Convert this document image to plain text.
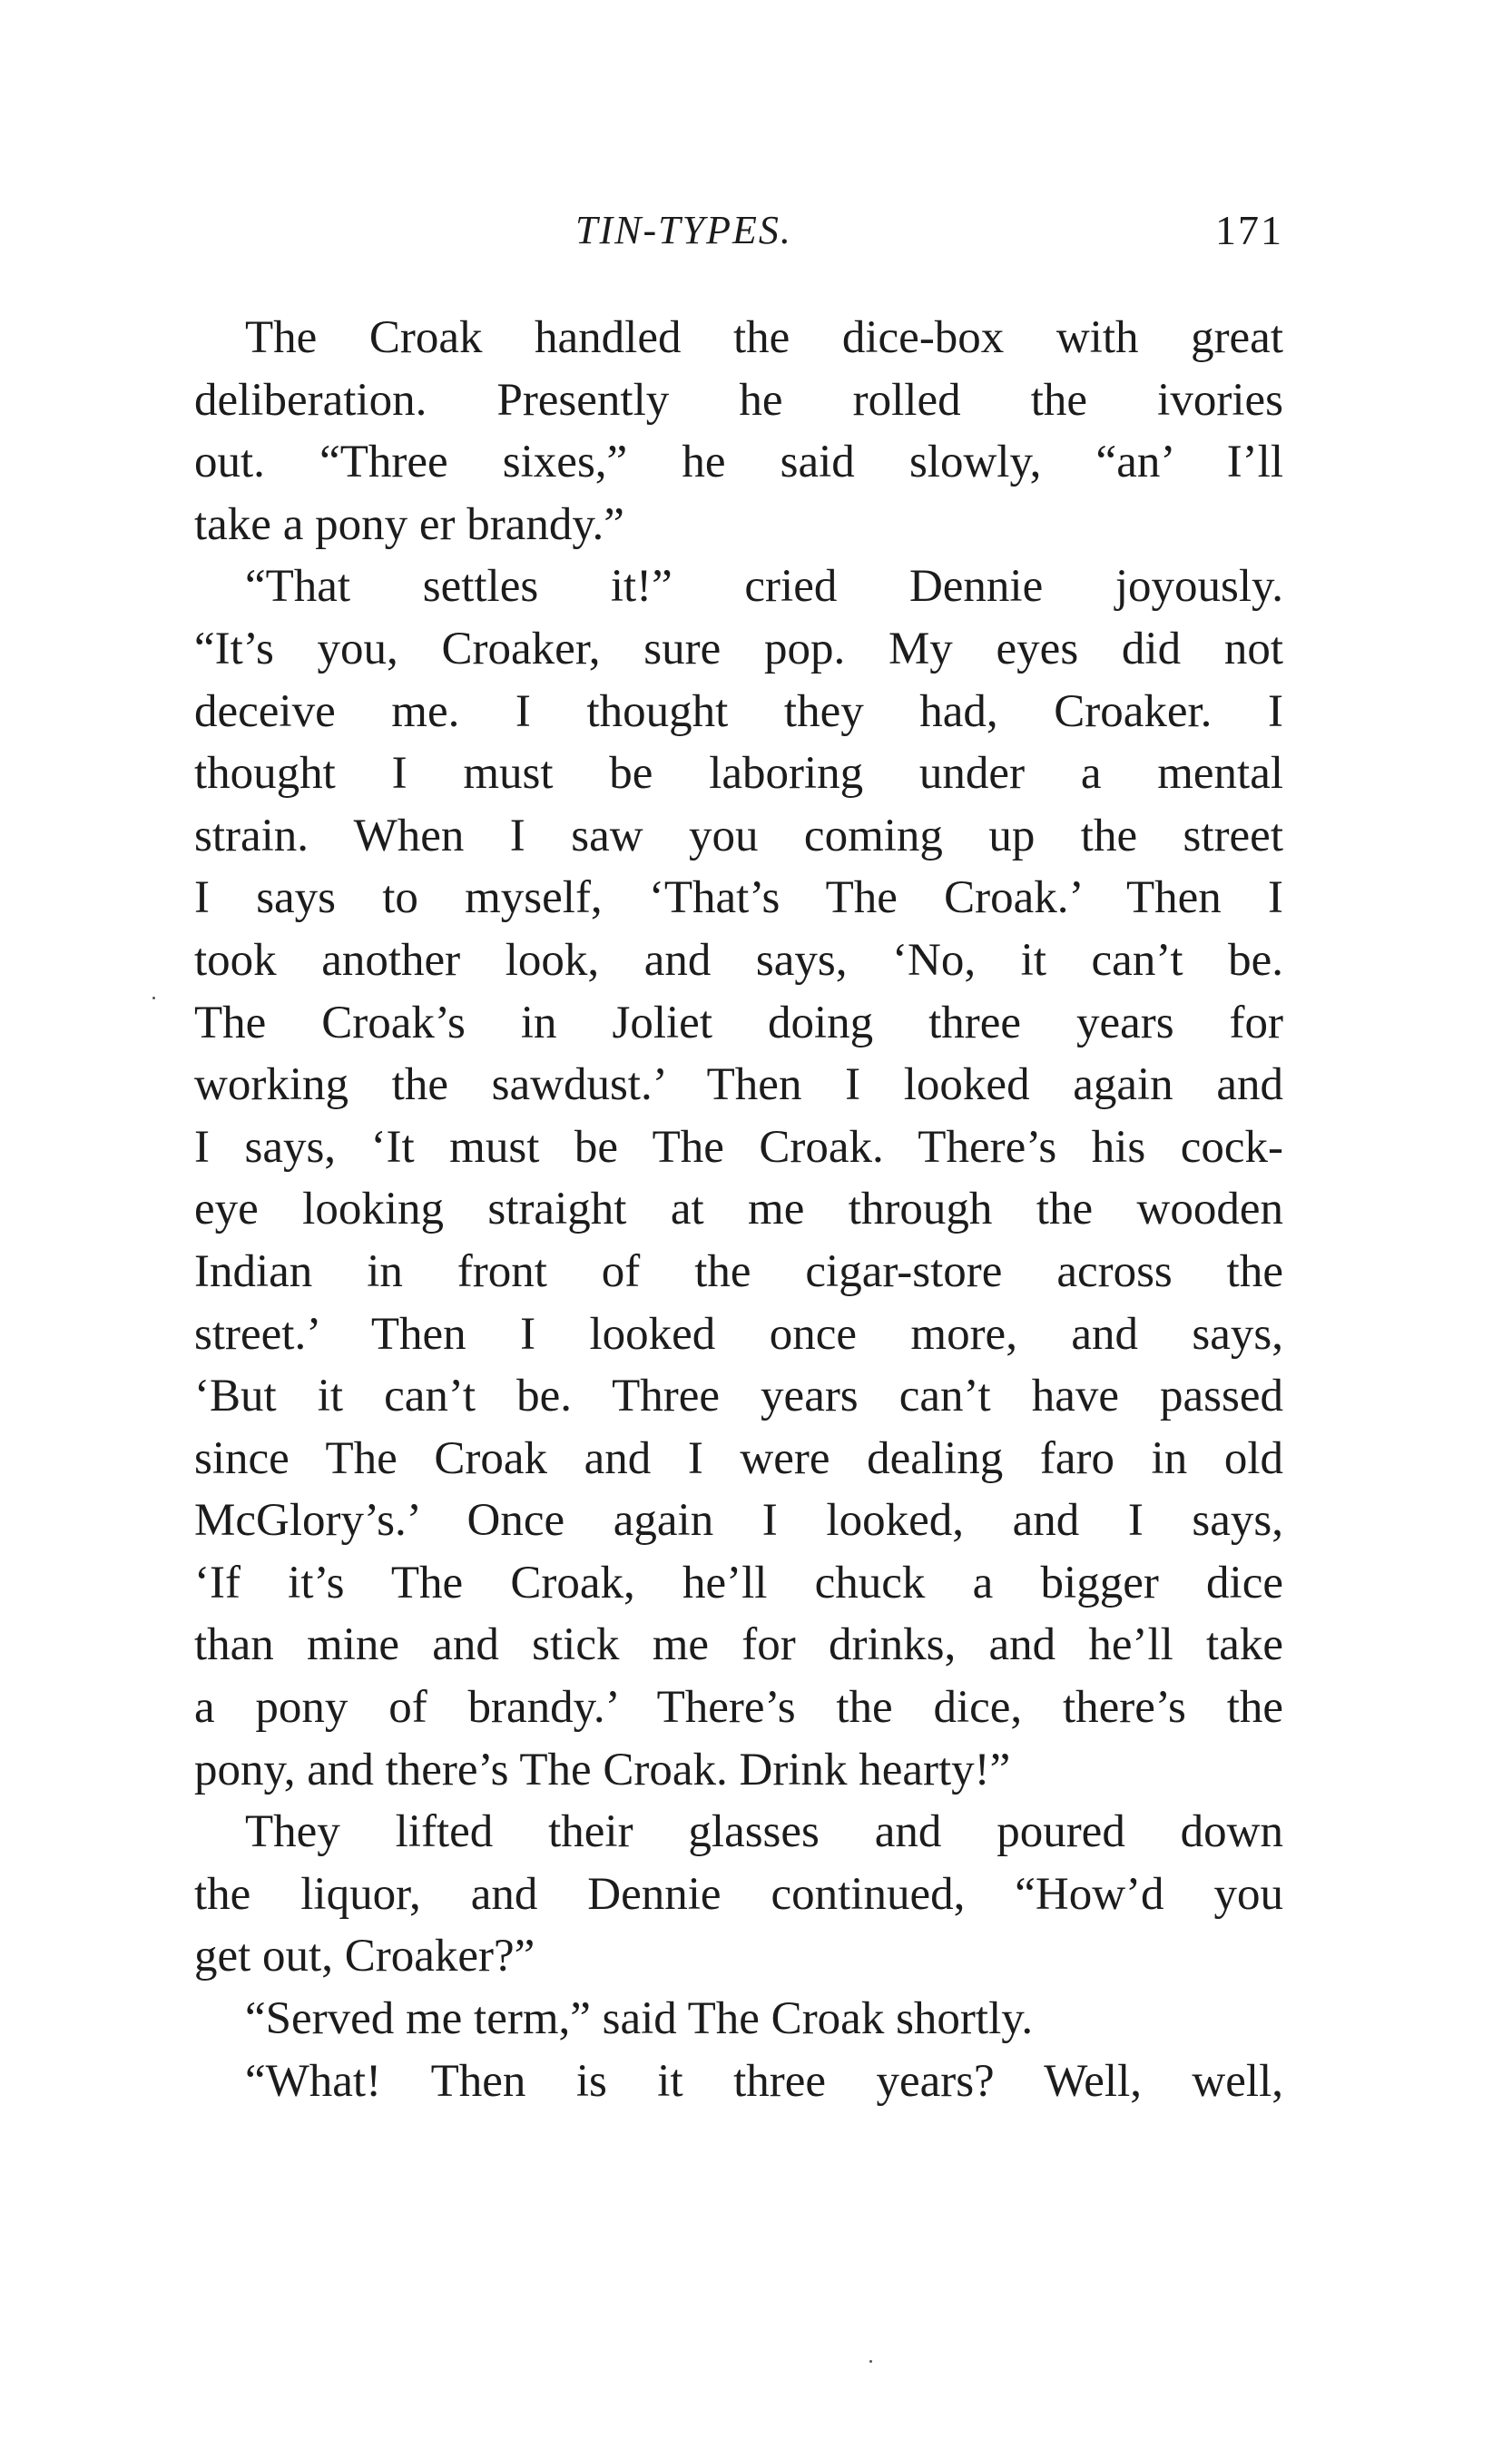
TIN-TYPES.	171
The Croak handled the dice-box with great
deliberation. Presently he rolled the ivories
out. “Three sixes,” he said slowly, “an’ I’ll
take a pony er brandy.”
“That settles it!” cried Dennie joyously.
“It’s you, Croaker, sure pop. My eyes did not
deceive me. I thought they had, Croaker. I
thought I must be laboring under a mental
strain. When I saw you coming up the street
I says to myself, ‘That’s The Croak.’ Then I
took another look, and says, ‘No, it can’t be.
The Croak’s in Joliet doing three years for
working the sawdust.’ Then I looked again and
I says, ‘It must be The Croak. There’s his cock-
eye looking straight at me through the wooden
Indian in front of the cigar-store across the
street.’ Then I looked once more, and says,
‘But it can’t be. Three years can’t have passed
since The Croak and I were dealing faro in old
McGlory’s.’ Once again I looked, and I says,
‘If it’s The Croak, he’ll chuck a bigger dice
than mine and stick me for drinks, and he’ll take
a pony of brandy.’ There’s the dice, there’s the
pony, and there’s The Croak. Drink hearty!”
They lifted their glasses and poured down
the liquor, and Dennie continued, “How’d you
get out, Croaker?”
“Served me term,” said The Croak shortly.
“What! Then is it three years? Well, well,
